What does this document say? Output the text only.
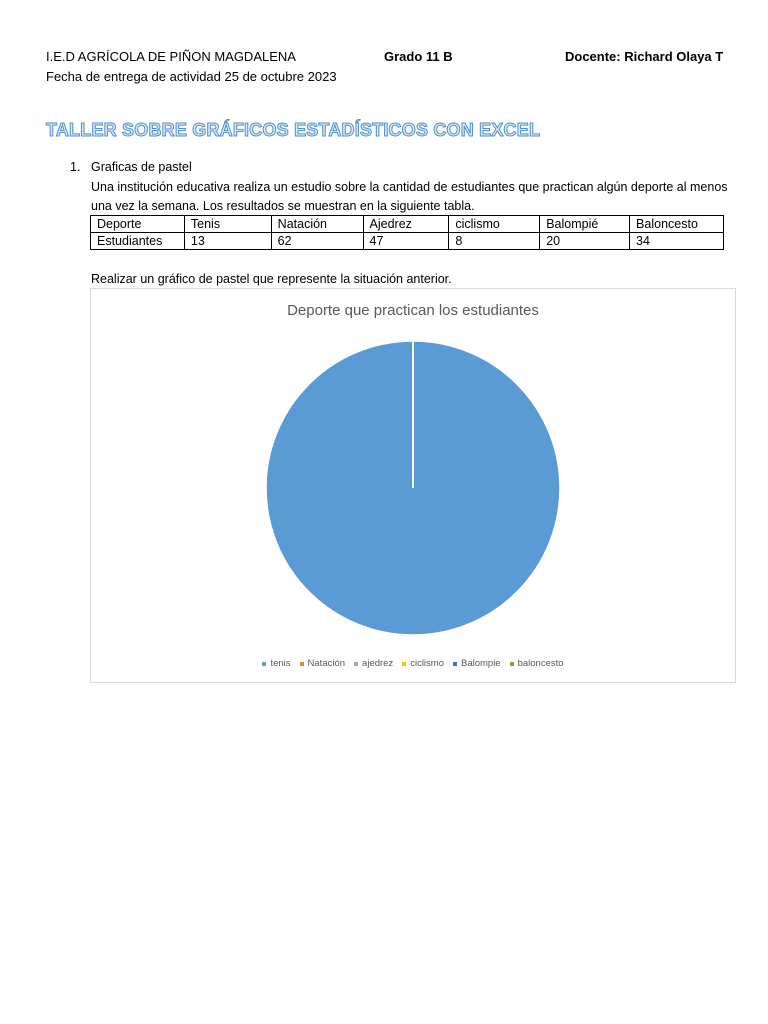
I.E.D AGRÍCOLA DE PIÑON MAGDALENA	Grado 11 B	Docente: Richard Olaya T
Fecha de entrega de actividad 25 de octubre 2023
TALLER SOBRE GRÁFICOS ESTADÍSTICOS CON EXCEL
1. Graficas de pastel
Una institución educativa realiza un estudio sobre la cantidad de estudiantes que practican algún deporte al menos una vez la semana. Los resultados se muestran en la siguiente tabla.
Deporte	Tenis	Natación	Ajedrez	ciclismo	Balompié	Baloncesto
Estudiantes	13	62	47	8	20	34
Realizar un gráfico de pastel que represente la situación anterior.
Deporte que practican los estudiantes
tenis Natación ajedrez ciclismo Balompie baloncesto
